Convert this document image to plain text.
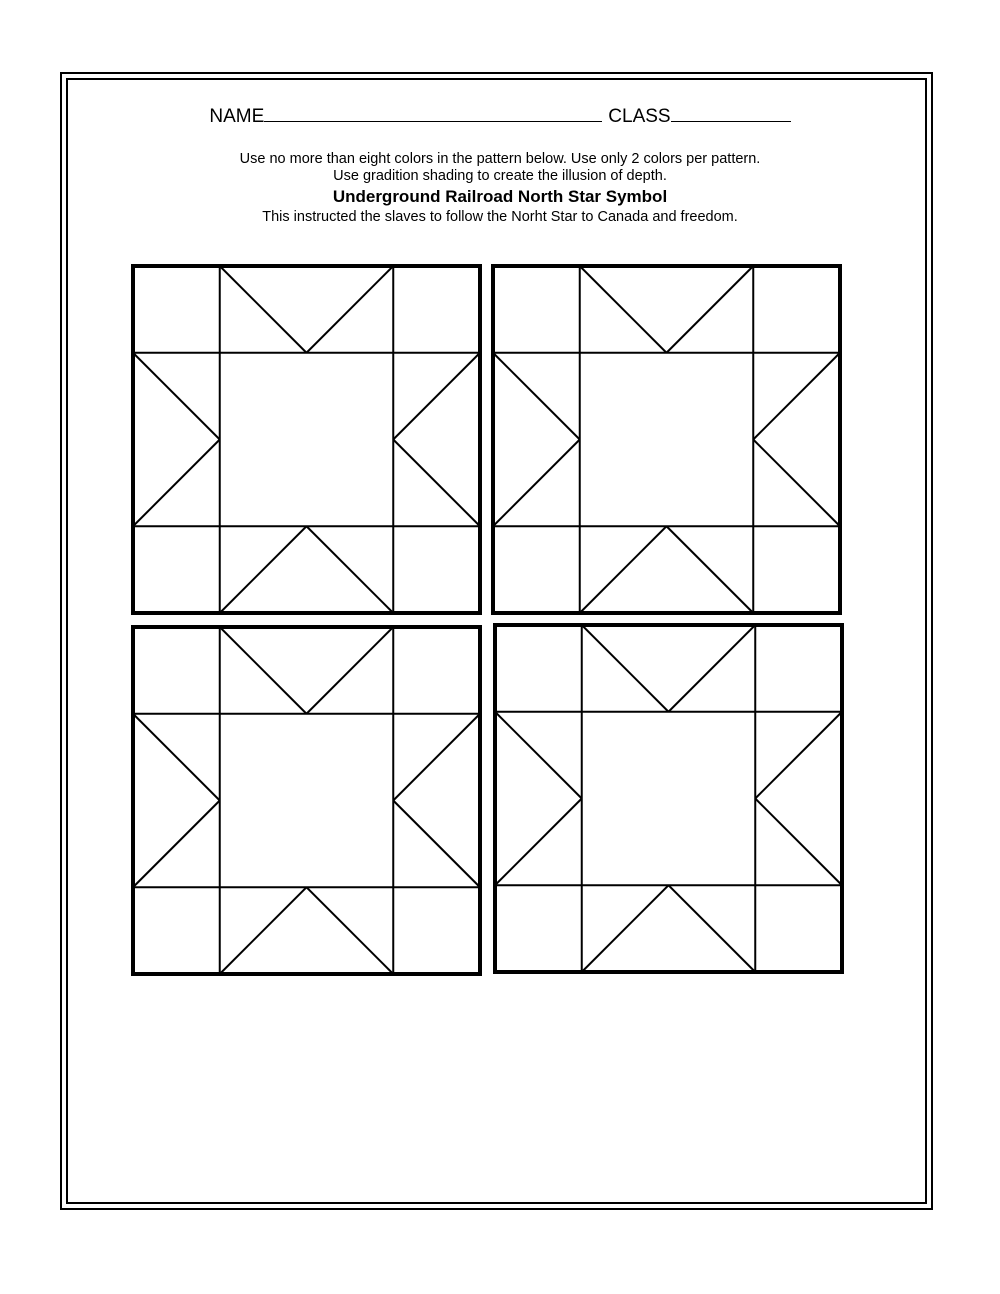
NAME	CLASS
Use no more than eight colors in the pattern below. Use only 2 colors per pattern.
Use gradition shading to create the illusion of depth.
Underground Railroad North Star Symbol
This instructed the slaves to follow the Norht Star to Canada and freedom.
